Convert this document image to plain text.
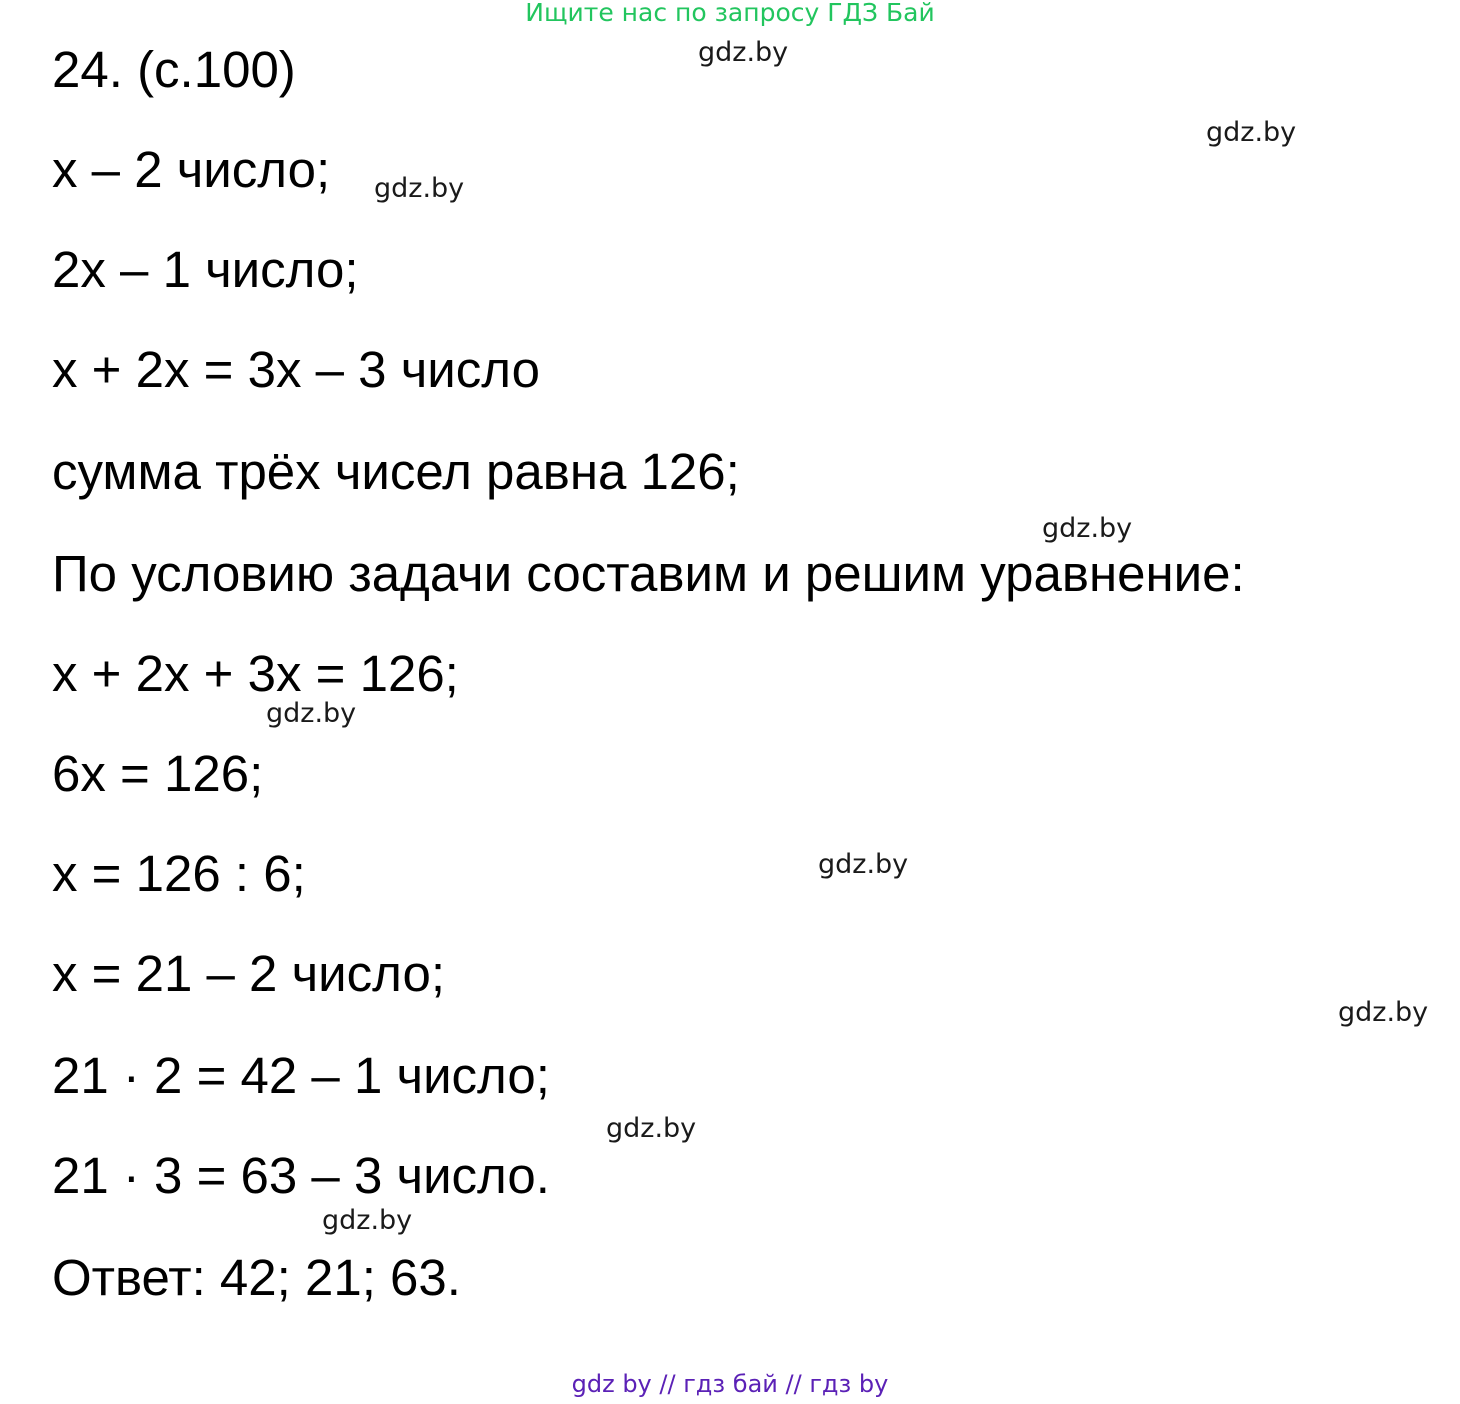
Ищите нас по запросу ГДЗ Бай
24. (с.100)
х – 2 число;
2х – 1 число;
х + 2х = 3х – 3 число
сумма трёх чисел равна 126;
По условию задачи составим и решим уравнение:
х + 2х + 3х = 126;
6х = 126;
х = 126 : 6;
х = 21 – 2 число;
21 · 2 = 42 – 1 число;
21 · 3 = 63 – 3 число.
Ответ: 42; 21; 63.
gdz.by
gdz.by
gdz.by
gdz.by
gdz.by
gdz.by
gdz.by
gdz.by
gdz.by
gdz by // гдз бай // гдз by
